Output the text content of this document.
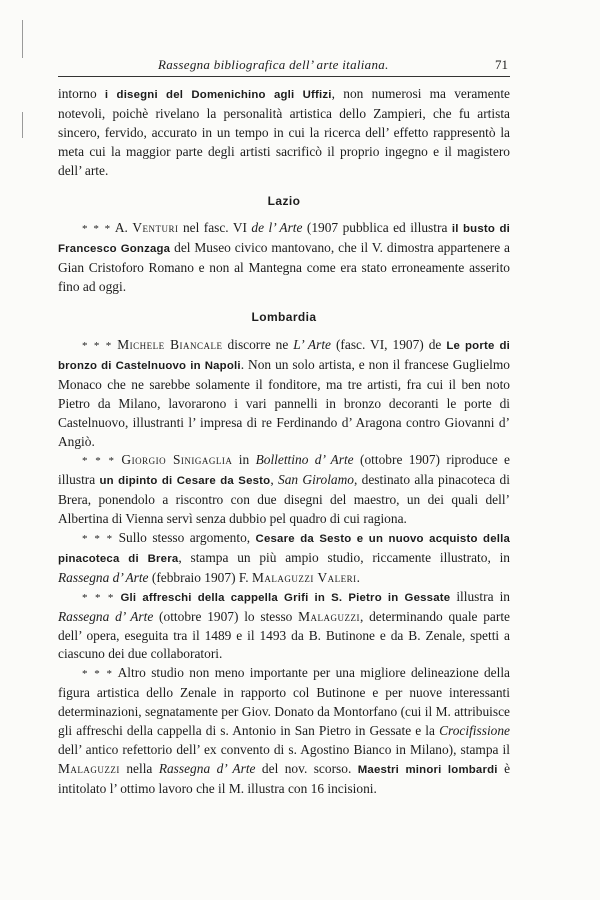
Rassegna bibliografica dell’ arte italiana.	71

intorno i disegni del Domenichino agli Uffizi, non numerosi ma veramente notevoli, poichè rivelano la personalità artistica dello Zampieri, che fu artista sincero, fervido, accurato in un tempo in cui la ricerca dell’ effetto rappresentò la meta cui la maggior parte degli artisti sacrificò il proprio ingegno e il magistero dell’ arte.

Lazio

* * * A. Venturi nel fasc. VI de l’ Arte (1907 pubblica ed illustra il busto di Francesco Gonzaga del Museo civico mantovano, che il V. dimostra appartenere a Gian Cristoforo Romano e non al Mantegna come era stato erroneamente asserito fino ad oggi.

Lombardia

* * * Michele Biancale discorre ne L’ Arte (fasc. VI, 1907) de Le porte di bronzo di Castelnuovo in Napoli. Non un solo artista, e non il francese Guglielmo Monaco che ne sarebbe solamente il fonditore, ma tre artisti, fra cui il ben noto Pietro da Milano, lavorarono i vari pannelli in bronzo decoranti le porte di Castelnuovo, illustranti l’ impresa di re Ferdinando d’ Aragona contro Giovanni d’ Angiò.

* * * Giorgio Sinigaglia in Bollettino d’ Arte (ottobre 1907) riproduce e illustra un dipinto di Cesare da Sesto, San Girolamo, destinato alla pinacoteca di Brera, ponendolo a riscontro con due disegni del maestro, un dei quali dell’ Albertina di Vienna servì senza dubbio pel quadro di cui ragiona.

* * * Sullo stesso argomento, Cesare da Sesto e un nuovo acquisto della pinacoteca di Brera, stampa un più ampio studio, riccamente illustrato, in Rassegna d’ Arte (febbraio 1907) F. Malaguzzi Valeri.

* * * Gli affreschi della cappella Grifi in S. Pietro in Gessate illustra in Rassegna d’ Arte (ottobre 1907) lo stesso Malaguzzi, determinando quale parte dell’ opera, eseguita tra il 1489 e il 1493 da B. Butinone e da B. Zenale, spetti a ciascuno dei due collaboratori.

* * * Altro studio non meno importante per una migliore delineazione della figura artistica dello Zenale in rapporto col Butinone e per nuove interessanti determinazioni, segnatamente per Giov. Donato da Montorfano (cui il M. attribuisce gli affreschi della cappella di s. Antonio in San Pietro in Gessate e la Crocifissione dell’ antico refettorio dell’ ex convento di s. Agostino Bianco in Milano), stampa il Malaguzzi nella Rassegna d’ Arte del nov. scorso. Maestri minori lombardi è intitolato l’ ottimo lavoro che il M. illustra con 16 incisioni.
